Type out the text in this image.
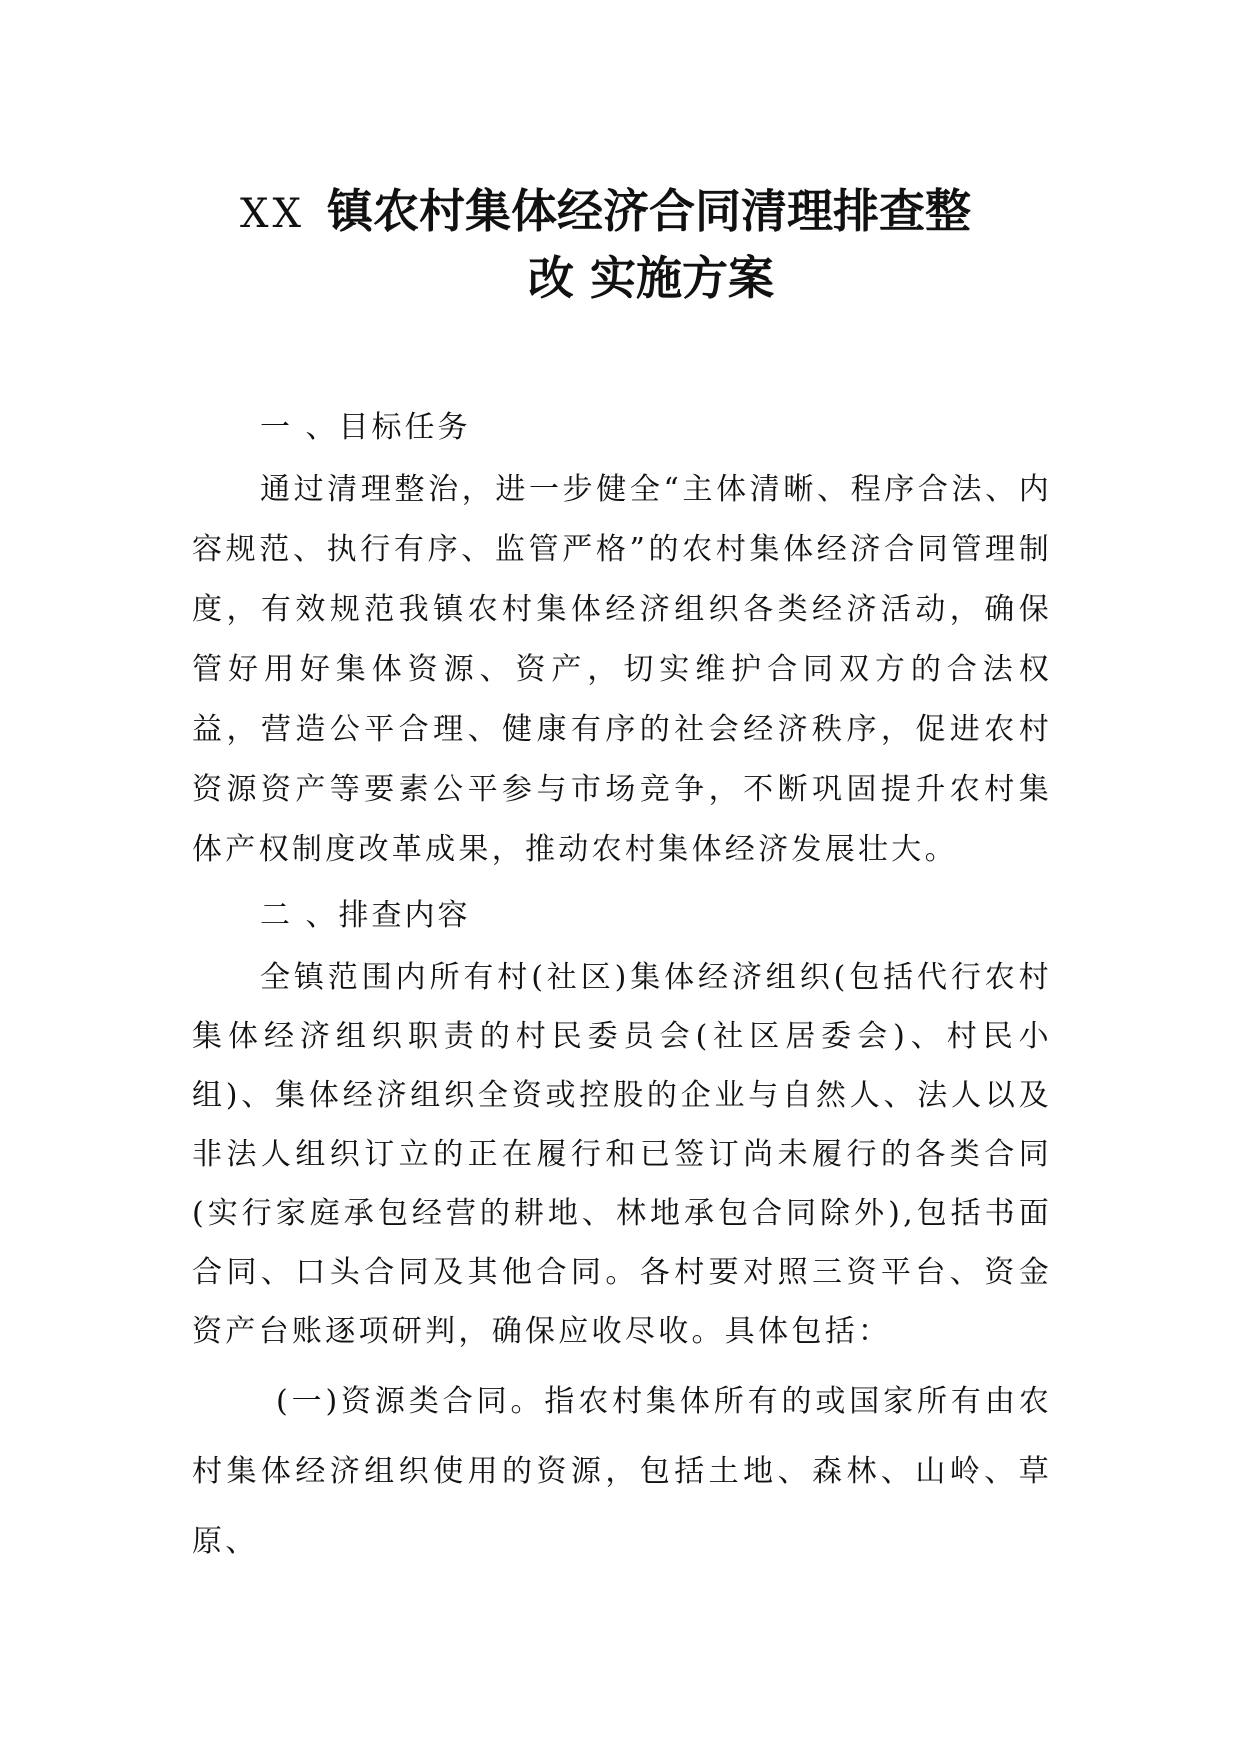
XX 镇农村集体经济合同清理排查整
改 实施方案
一 、目标任务

通过清理整治，进一步健全“主体清晰、程序合法、内容规范、执行有序、监管严格”的农村集体经济合同管理制度，有效规范我镇农村集体经济组织各类经济活动，确保管好用好集体资源、资产，切实维护合同双方的合法权益，营造公平合理、健康有序的社会经济秩序，促进农村资源资产等要素公平参与市场竞争，不断巩固提升农村集体产权制度改革成果，推动农村集体经济发展壮大。

二 、排查内容

全镇范围内所有村(社区)集体经济组织(包括代行农村集体经济组织职责的村民委员会(社区居委会)、村民小组)、集体经济组织全资或控股的企业与自然人、法人以及非法人组织订立的正在履行和已签订尚未履行的各类合同(实行家庭承包经营的耕地、林地承包合同除外),包括书面合同、口头合同及其他合同。各村要对照三资平台、资金资产台账逐项研判，确保应收尽收。具体包括：

(一)资源类合同。指农村集体所有的或国家所有由农村集体经济组织使用的资源，包括土地、森林、山岭、草原、
